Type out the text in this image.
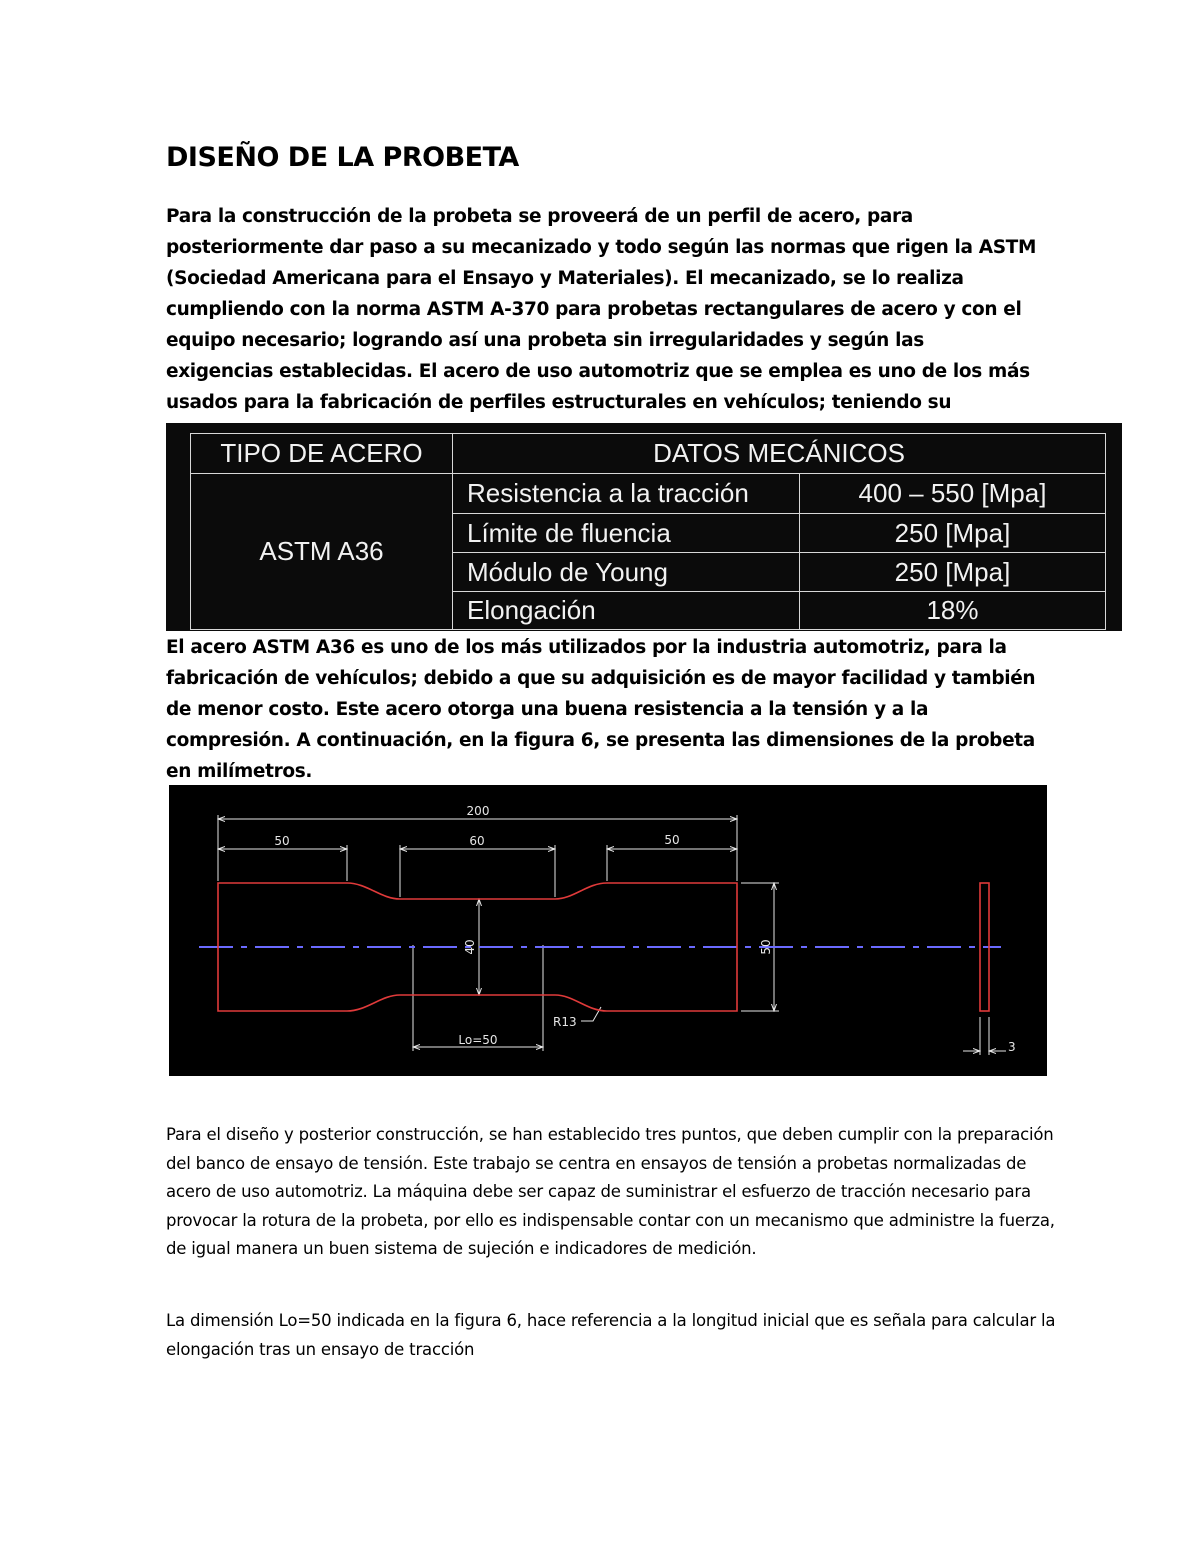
DISEÑO DE LA PROBETA

Para la construcción de la probeta se proveerá de un perfil de acero, para posteriormente dar paso a su mecanizado y todo según las normas que rigen la ASTM (Sociedad Americana para el Ensayo y Materiales). El mecanizado, se lo realiza cumpliendo con la norma ASTM A-370 para probetas rectangulares de acero y con el equipo necesario; logrando así una probeta sin irregularidades y según las exigencias establecidas. El acero de uso automotriz que se emplea es uno de los más usados para la fabricación de perfiles estructurales en vehículos; teniendo su

TIPO DE ACERO	DATOS MECÁNICOS	
ASTM A36	Resistencia a la tracción	400 – 550 [Mpa]
	Límite de fluencia	250 [Mpa]
	Módulo de Young	250 [Mpa]
	Elongación	18%

El acero ASTM A36 es uno de los más utilizados por la industria automotriz, para la fabricación de vehículos; debido a que su adquisición es de mayor facilidad y también de menor costo. Este acero otorga una buena resistencia a la tensión y a la compresión. A continuación, en la figura 6, se presenta las dimensiones de la probeta en milímetros.

200
50	60	50
40	50
R13
Lo=50	3

Para el diseño y posterior construcción, se han establecido tres puntos, que deben cumplir con la preparación del banco de ensayo de tensión. Este trabajo se centra en ensayos de tensión a probetas normalizadas de acero de uso automotriz. La máquina debe ser capaz de suministrar el esfuerzo de tracción necesario para provocar la rotura de la probeta, por ello es indispensable contar con un mecanismo que administre la fuerza, de igual manera un buen sistema de sujeción e indicadores de medición.

La dimensión Lo=50 indicada en la figura 6, hace referencia a la longitud inicial que es señala para calcular la elongación tras un ensayo de tracción
